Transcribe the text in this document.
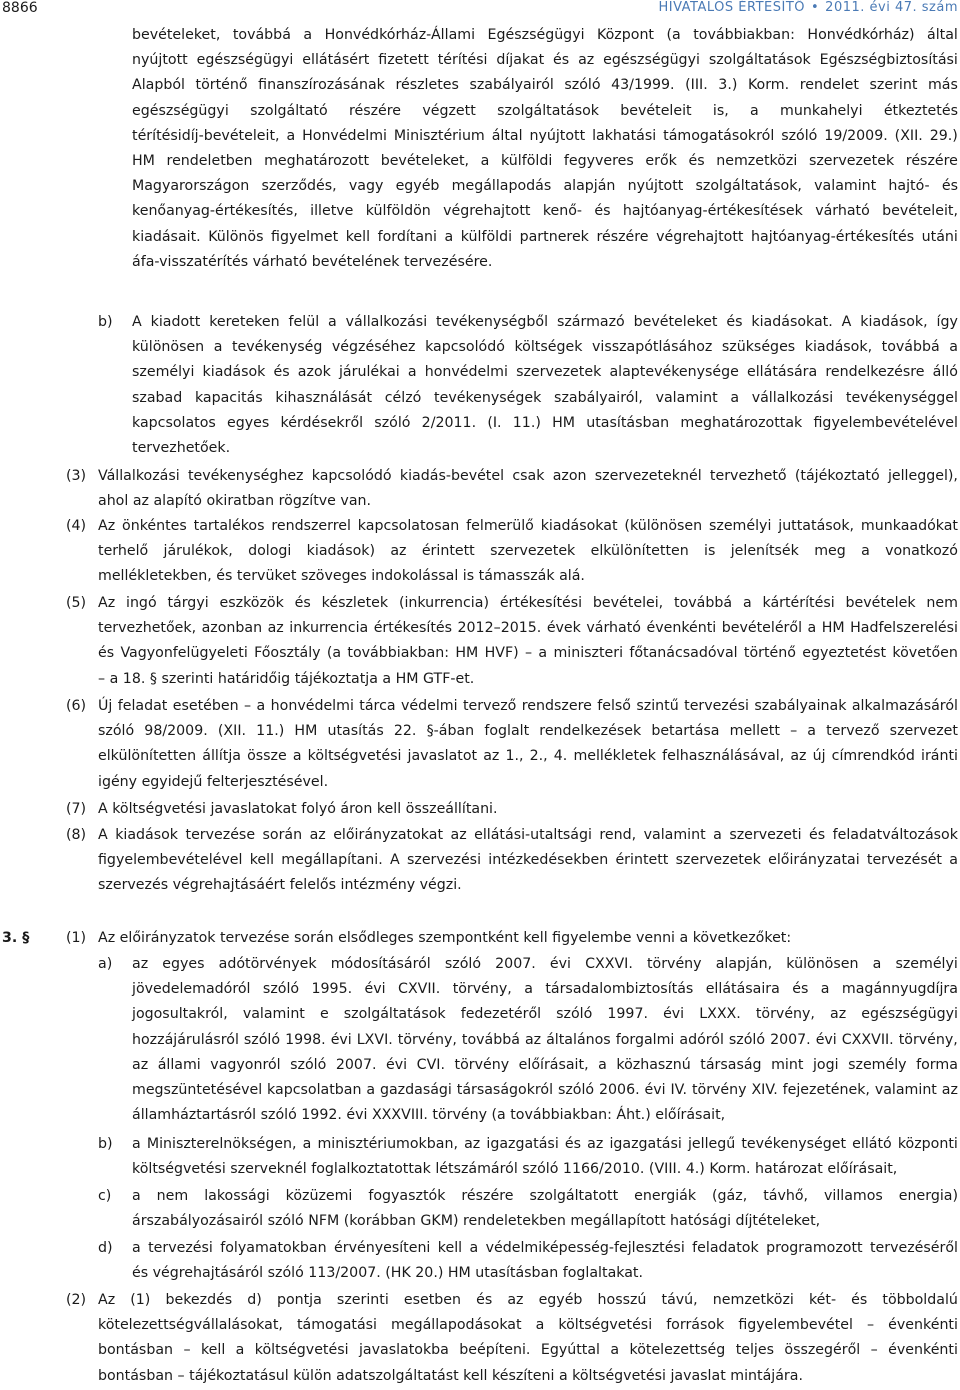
8866	HIVATALOS ÉRTESÍTŐ • 2011. évi 47. szám
bevételeket, továbbá a Honvédkórház-Állami Egészségügyi Központ (a továbbiakban: Honvédkórház) által
nyújtott egészségügyi ellátásért fizetett térítési díjakat és az egészségügyi szolgáltatások Egészségbiztosítási
Alapból történő finanszírozásának részletes szabályairól szóló 43/1999. (III. 3.) Korm. rendelet szerint más
egészségügyi szolgáltató részére végzett szolgáltatások bevételeit is, a munkahelyi étkeztetés
térítésidíj-bevételeit, a Honvédelmi Minisztérium által nyújtott lakhatási támogatásokról szóló 19/2009. (XII. 29.)
HM rendeletben meghatározott bevételeket, a külföldi fegyveres erők és nemzetközi szervezetek részére
Magyarországon szerződés, vagy egyéb megállapodás alapján nyújtott szolgáltatások, valamint hajtó- és
kenőanyag-értékesítés, illetve külföldön végrehajtott kenő- és hajtóanyag-értékesítések várható bevételeit,
kiadásait. Különös figyelmet kell fordítani a külföldi partnerek részére végrehajtott hajtóanyag-értékesítés utáni
áfa-visszatérítés várható bevételének tervezésére.
b) A kiadott kereteken felül a vállalkozási tevékenységből származó bevételeket és kiadásokat. A kiadások, így
különösen a tevékenység végzéséhez kapcsolódó költségek visszapótlásához szükséges kiadások, továbbá a
személyi kiadások és azok járulékai a honvédelmi szervezetek alaptevékenysége ellátására rendelkezésre álló
szabad kapacitás kihasználását célzó tevékenységek szabályairól, valamint a vállalkozási tevékenységgel
kapcsolatos egyes kérdésekről szóló 2/2011. (I. 11.) HM utasításban meghatározottak figyelembevételével
tervezhetőek.
(3) Vállalkozási tevékenységhez kapcsolódó kiadás-bevétel csak azon szervezeteknél tervezhető (tájékoztató jelleggel),
ahol az alapító okiratban rögzítve van.
(4) Az önkéntes tartalékos rendszerrel kapcsolatosan felmerülő kiadásokat (különösen személyi juttatások, munkaadókat
terhelő járulékok, dologi kiadások) az érintett szervezetek elkülönítetten is jelenítsék meg a vonatkozó
mellékletekben, és tervüket szöveges indokolással is támasszák alá.
(5) Az ingó tárgyi eszközök és készletek (inkurrencia) értékesítési bevételei, továbbá a kártérítési bevételek nem
tervezhetőek, azonban az inkurrencia értékesítés 2012–2015. évek várható évenkénti bevételéről a HM Hadfelszerelési
és Vagyonfelügyeleti Főosztály (a továbbiakban: HM HVF) – a miniszteri főtanácsadóval történő egyeztetést követően
– a 18. § szerinti határidőig tájékoztatja a HM GTF-et.
(6) Új feladat esetében – a honvédelmi tárca védelmi tervező rendszere felső szintű tervezési szabályainak alkalmazásáról
szóló 98/2009. (XII. 11.) HM utasítás 22. §-ában foglalt rendelkezések betartása mellett – a tervező szervezet
elkülönítetten állítja össze a költségvetési javaslatot az 1., 2., 4. mellékletek felhasználásával, az új címrendkód iránti
igény egyidejű felterjesztésével.
(7) A költségvetési javaslatokat folyó áron kell összeállítani.
(8) A kiadások tervezése során az előirányzatokat az ellátási-utaltsági rend, valamint a szervezeti és feladatváltozások
figyelembevételével kell megállapítani. A szervezési intézkedésekben érintett szervezetek előirányzatai tervezését a
szervezés végrehajtásáért felelős intézmény végzi.
3. §	(1) Az előirányzatok tervezése során elsődleges szempontként kell figyelembe venni a következőket:
a) az egyes adótörvények módosításáról szóló 2007. évi CXXVI. törvény alapján, különösen a személyi
jövedelemadóról szóló 1995. évi CXVII. törvény, a társadalombiztosítás ellátásaira és a magánnyugdíjra
jogosultakról, valamint e szolgáltatások fedezetéről szóló 1997. évi LXXX. törvény, az egészségügyi
hozzájárulásról szóló 1998. évi LXVI. törvény, továbbá az általános forgalmi adóról szóló 2007. évi CXXVII. törvény,
az állami vagyonról szóló 2007. évi CVI. törvény előírásait, a közhasznú társaság mint jogi személy forma
megszüntetésével kapcsolatban a gazdasági társaságokról szóló 2006. évi IV. törvény XIV. fejezetének, valamint az
államháztartásról szóló 1992. évi XXXVIII. törvény (a továbbiakban: Áht.) előírásait,
b) a Miniszterelnökségen, a minisztériumokban, az igazgatási és az igazgatási jellegű tevékenységet ellátó központi
költségvetési szerveknél foglalkoztatottak létszámáról szóló 1166/2010. (VIII. 4.) Korm. határozat előírásait,
c) a nem lakossági közüzemi fogyasztók részére szolgáltatott energiák (gáz, távhő, villamos energia)
árszabályozásairól szóló NFM (korábban GKM) rendeletekben megállapított hatósági díjtételeket,
d) a tervezési folyamatokban érvényesíteni kell a védelmiképesség-fejlesztési feladatok programozott tervezéséről
és végrehajtásáról szóló 113/2007. (HK 20.) HM utasításban foglaltakat.
(2) Az (1) bekezdés d) pontja szerinti esetben és az egyéb hosszú távú, nemzetközi két- és többoldalú
kötelezettségvállalásokat, támogatási megállapodásokat a költségvetési források figyelembevétel – évenkénti
bontásban – kell a költségvetési javaslatokba beépíteni. Egyúttal a kötelezettség teljes összegéről – évenkénti
bontásban – tájékoztatásul külön adatszolgáltatást kell készíteni a költségvetési javaslat mintájára.
